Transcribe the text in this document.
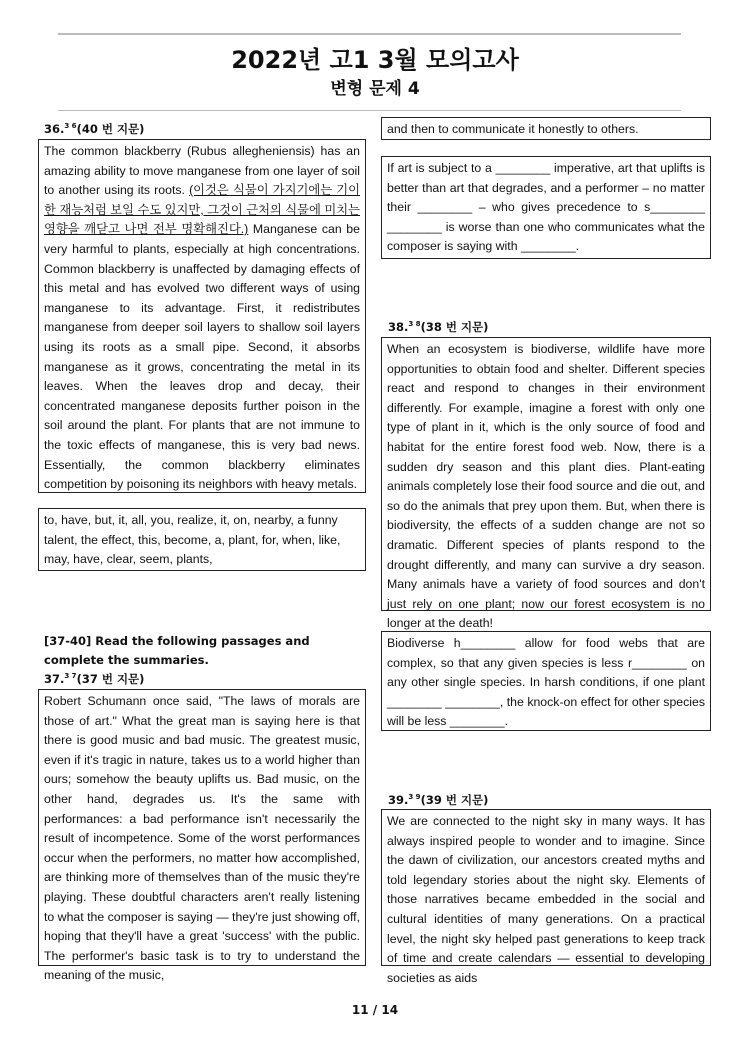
2022년 고1 3월 모의고사
변형 문제 4
36.$^{3 6}$(40 번 지문)
The common blackberry (Rubus allegheniensis) has an amazing ability to move manganese from one layer of soil to another using its roots. (이것은 식물이 가지기에는 기이한 재능처럼 보일 수도 있지만, 그것이 근처의 식물에 미치는 영향을 깨닫고 나면 전부 명확해진다.) Manganese can be very harmful to plants, especially at high concentrations. Common blackberry is unaffected by damaging effects of this metal and has evolved two different ways of using manganese to its advantage. First, it redistributes manganese from deeper soil layers to shallow soil layers using its roots as a small pipe. Second, it absorbs manganese as it grows, concentrating the metal in its leaves. When the leaves drop and decay, their concentrated manganese deposits further poison in the soil around the plant. For plants that are not immune to the toxic effects of manganese, this is very bad news. Essentially, the common blackberry eliminates competition by poisoning its neighbors with heavy metals.
to, have, but, it, all, you, realize, it, on, nearby, a funny talent, the effect, this, become, a, plant, for, when, like, may, have, clear, seem, plants,
[37-40] Read the following passages and complete the summaries.
37.$^{3 7}$(37 번 지문)
Robert Schumann once said, "The laws of morals are those of art." What the great man is saying here is that there is good music and bad music. The greatest music, even if it's tragic in nature, takes us to a world higher than ours; somehow the beauty uplifts us. Bad music, on the other hand, degrades us. It's the same with performances: a bad performance isn't necessarily the result of incompetence. Some of the worst performances occur when the performers, no matter how accomplished, are thinking more of themselves than of the music they're playing. These doubtful characters aren't really listening to what the composer is saying — they're just showing off, hoping that they'll have a great 'success' with the public. The performer's basic task is to try to understand the meaning of the music,
and then to communicate it honestly to others.
If art is subject to a ________ imperative, art that uplifts is better than art that degrades, and a performer – no matter their ________ – who gives precedence to s________ ________ is worse than one who communicates what the composer is saying with ________.
38.$^{3 8}$(38 번 지문)
When an ecosystem is biodiverse, wildlife have more opportunities to obtain food and shelter. Different species react and respond to changes in their environment differently. For example, imagine a forest with only one type of plant in it, which is the only source of food and habitat for the entire forest food web. Now, there is a sudden dry season and this plant dies. Plant-eating animals completely lose their food source and die out, and so do the animals that prey upon them. But, when there is biodiversity, the effects of a sudden change are not so dramatic. Different species of plants respond to the drought differently, and many can survive a dry season. Many animals have a variety of food sources and don't just rely on one plant; now our forest ecosystem is no longer at the death!
Biodiverse h________ allow for food webs that are complex, so that any given species is less r________ on any other single species. In harsh conditions, if one plant ________ ________, the knock-on effect for other species will be less ________.
39.$^{3 9}$(39 번 지문)
We are connected to the night sky in many ways. It has always inspired people to wonder and to imagine. Since the dawn of civilization, our ancestors created myths and told legendary stories about the night sky. Elements of those narratives became embedded in the social and cultural identities of many generations. On a practical level, the night sky helped past generations to keep track of time and create calendars — essential to developing societies as aids
11 / 14
